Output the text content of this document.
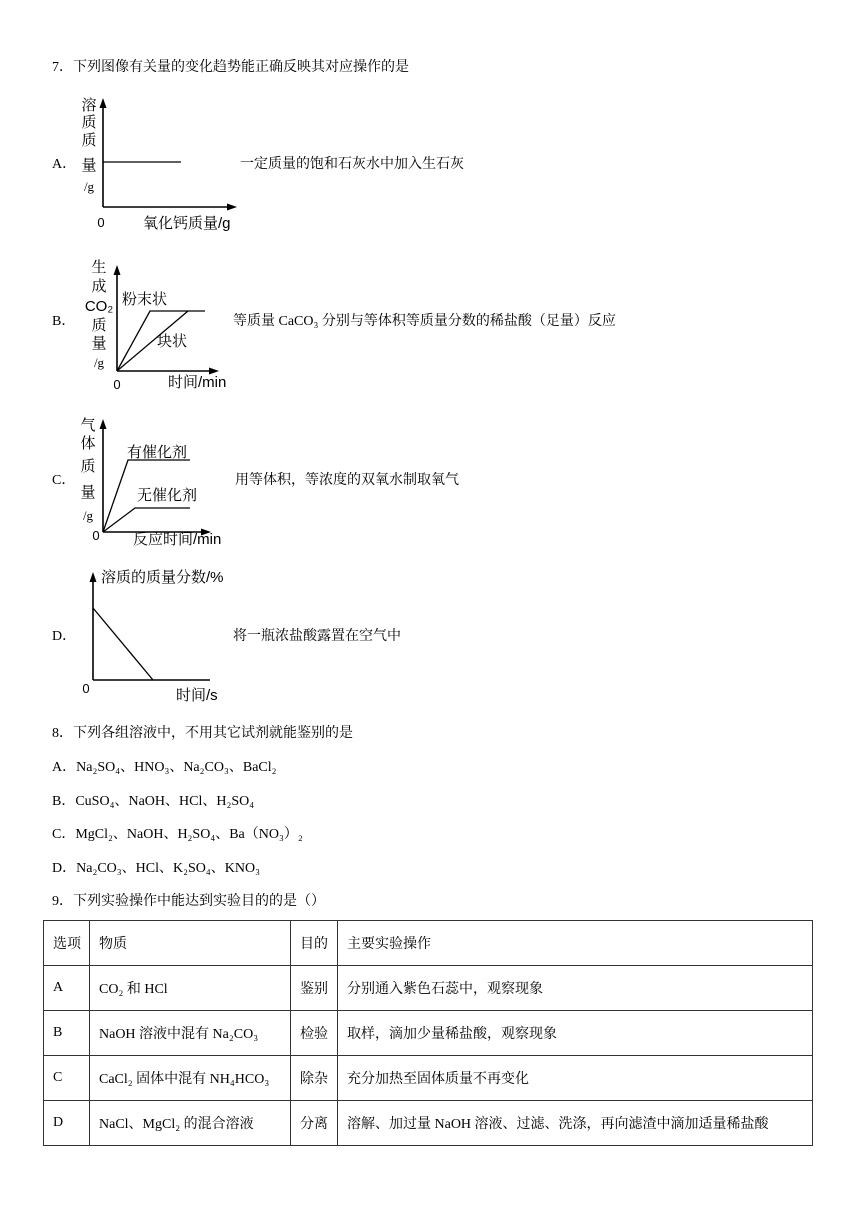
7．下列图像有关量的变化趋势能正确反映其对应操作的是
A．
溶
质
质
量
/g
0	氧化钙质量/g
一定质量的饱和石灰水中加入生石灰
B．
生
成
CO₂
质
量
/g
粉末状
块状
0	时间/min
等质量 CaCO₃ 分别与等体积等质量分数的稀盐酸（足量）反应
C．
气
体
质
量
/g
有催化剂
无催化剂
0 反应时间/min
用等体积，等浓度的双氧水制取氧气
D．
溶质的质量分数/%
0	时间/s
将一瓶浓盐酸露置在空气中
8．下列各组溶液中，不用其它试剂就能鉴别的是
A．Na₂SO₄、HNO₃、Na₂CO₃、BaCl₂
B．CuSO₄、NaOH、HCl、H₂SO₄
C．MgCl₂、NaOH、H₂SO₄、Ba（NO₃）₂
D．Na₂CO₃、HCl、K₂SO₄、KNO₃
9．下列实验操作中能达到实验目的的是（）
选项	物质	目的	主要实验操作
A	CO₂ 和 HCl	鉴别	分别通入紫色石蕊中，观察现象
B	NaOH 溶液中混有 Na₂CO₃	检验	取样，滴加少量稀盐酸，观察现象
C	CaCl₂ 固体中混有 NH₄HCO₃	除杂	充分加热至固体质量不再变化
D	NaCl、MgCl₂ 的混合溶液	分离	溶解、加过量 NaOH 溶液、过滤、洗涤，再向滤渣中滴加适量稀盐酸
